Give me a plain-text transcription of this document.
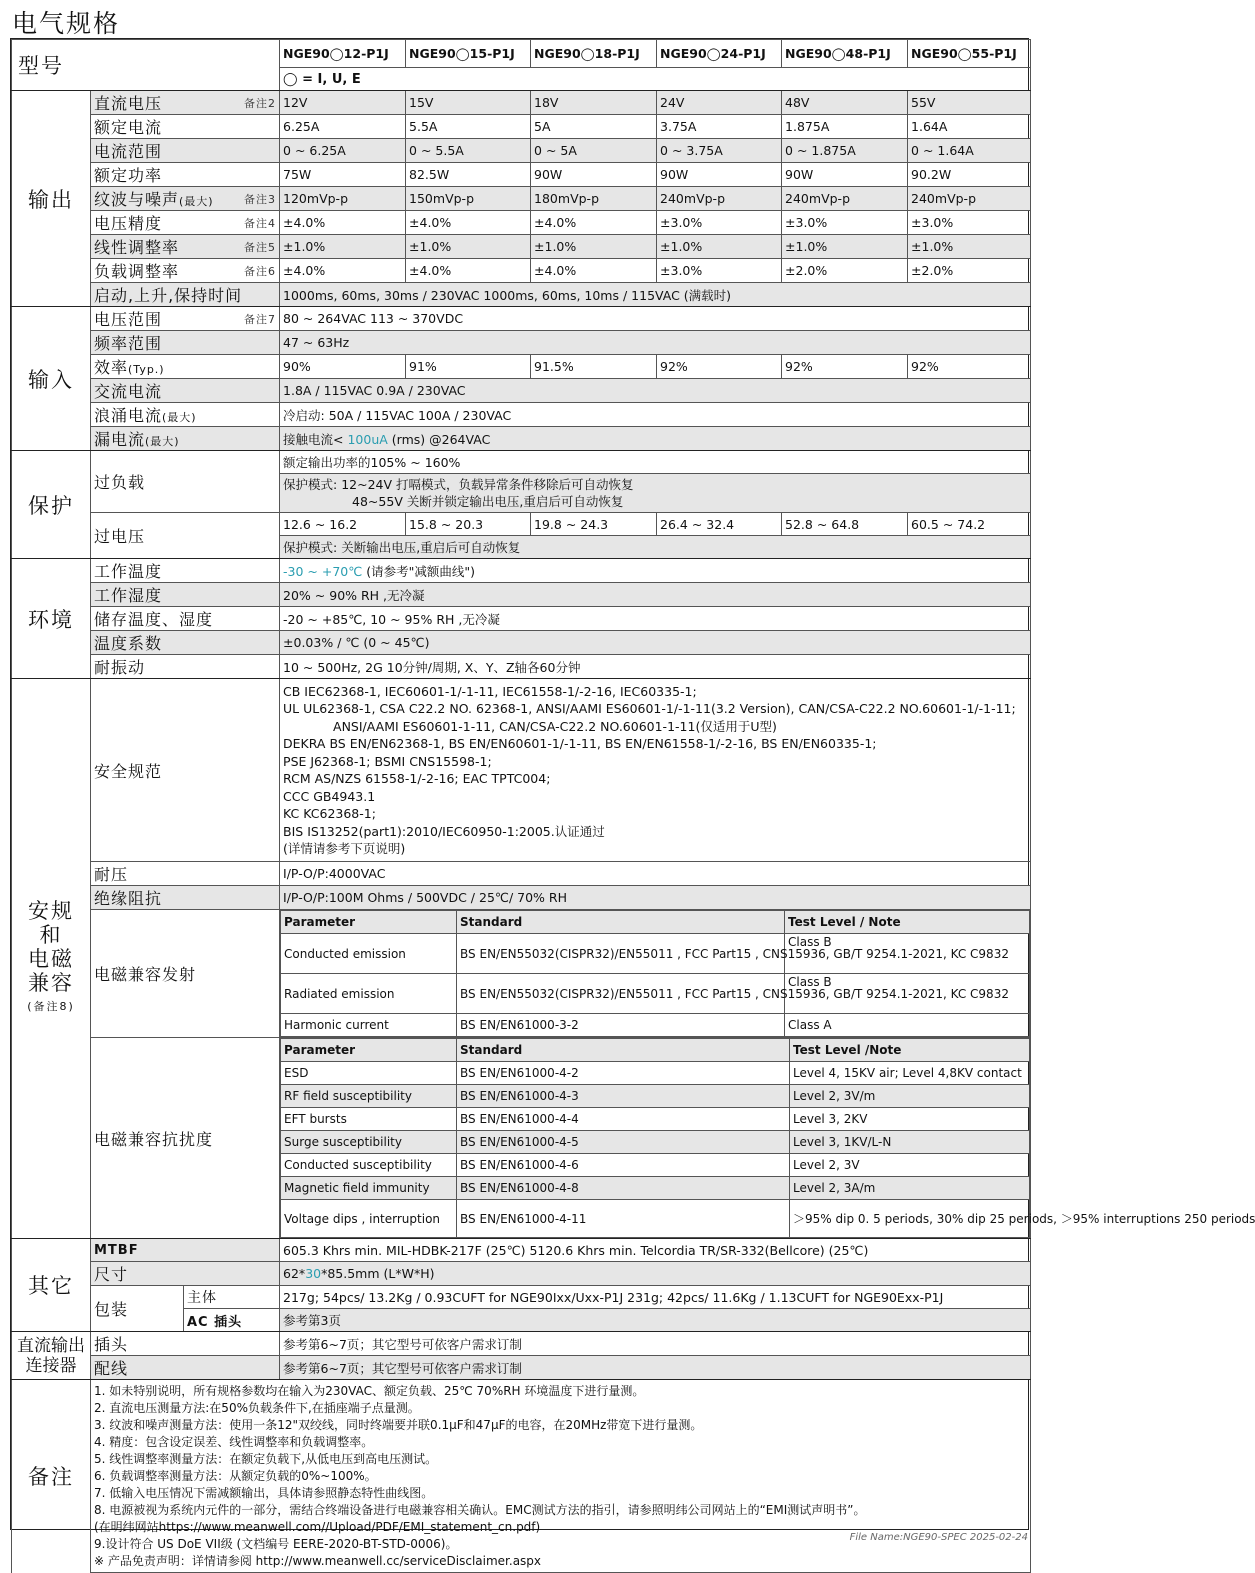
电气规格
型号	NGE90◯12-P1J	NGE90◯15-P1J	NGE90◯18-P1J	NGE90◯24-P1J	NGE90◯48-P1J	NGE90◯55-P1J
◯ = I, U, E
输出	直流电压	备注2	12V	15V	18V	24V	48V	55V
额定电流	6.25A	5.5A	5A	3.75A	1.875A	1.64A
电流范围	0 ~ 6.25A	0 ~ 5.5A	0 ~ 5A	0 ~ 3.75A	0 ~ 1.875A	0 ~ 1.64A
额定功率	75W	82.5W	90W	90W	90W	90.2W
纹波与噪声(最大)	备注3	120mVp-p	150mVp-p	180mVp-p	240mVp-p	240mVp-p	240mVp-p
电压精度	备注4	±4.0%	±4.0%	±4.0%	±3.0%	±3.0%	±3.0%
线性调整率	备注5	±1.0%	±1.0%	±1.0%	±1.0%	±1.0%	±1.0%
负载调整率	备注6	±4.0%	±4.0%	±4.0%	±3.0%	±2.0%	±2.0%
启动,上升,保持时间	1000ms, 60ms, 30ms / 230VAC 1000ms, 60ms, 10ms / 115VAC (满载时)
输入	电压范围	备注7	80 ~ 264VAC 113 ~ 370VDC
频率范围	47 ~ 63Hz
效率(Typ.)	90%	91%	91.5%	92%	92%	92%
交流电流	1.8A / 115VAC 0.9A / 230VAC
浪涌电流(最大)	冷启动: 50A / 115VAC 100A / 230VAC
漏电流(最大)	接触电流< 100uA (rms) @264VAC
保护	过负载	额定输出功率的105% ~ 160%

保护模式: 12~24V 打嗝模式，负载异常条件移除后可自动恢复
48~55V 关断并锁定输出电压,重启后可自动恢复

过电压	12.6 ~ 16.2	15.8 ~ 20.3	19.8 ~ 24.3	26.4 ~ 32.4	52.8 ~ 64.8	60.5 ~ 74.2
保护模式: 关断输出电压,重启后可自动恢复
环境	工作温度	-30 ~ +70℃ (请参考"减额曲线")
工作湿度	20% ~ 90% RH ,无冷凝
储存温度、湿度	-20 ~ +85℃, 10 ~ 95% RH ,无冷凝
温度系数	±0.03% / ℃ (0 ~ 45℃)
耐振动	10 ~ 500Hz, 2G 10分钟/周期, X、Y、Z轴各60分钟

安规
和
电磁
兼容
(备注8)
	安全规范	
CB IEC62368-1, IEC60601-1/-1-11, IEC61558-1/-2-16, IEC60335-1;
UL UL62368-1, CSA C22.2 NO. 62368-1, ANSI/AAMI ES60601-1/-1-11(3.2 Version), CAN/CSA-C22.2 NO.60601-1/-1-11;
ANSI/AAMI ES60601-1-11, CAN/CSA-C22.2 NO.60601-1-11(仅适用于U型)
DEKRA BS EN/EN62368-1, BS EN/EN60601-1/-1-11, BS EN/EN61558-1/-2-16, BS EN/EN60335-1;
PSE J62368-1; BSMI CNS15598-1;
RCM AS/NZS 61558-1/-2-16; EAC TPTC004;
CCC GB4943.1
KC KC62368-1;
BIS IS13252(part1):2010/IEC60950-1:2005.认证通过
(详情请参考下页说明)

耐压	I/P-O/P:4000VAC
绝缘阻抗	I/P-O/P:100M Ohms / 500VDC / 25℃/ 70% RH
电磁兼容发射	
Parameter	Standard	Test Level / Note
Conducted emission	BS EN/EN55032(CISPR32)/EN55011 , FCC Part15 , CNS15936, GB/T 9254.1-2021, KC C9832	Class B
Radiated emission	BS EN/EN55032(CISPR32)/EN55011 , FCC Part15 , CNS15936, GB/T 9254.1-2021, KC C9832	Class B
Harmonic current	BS EN/EN61000-3-2	Class A

电磁兼容抗扰度	
Parameter	Standard	Test Level /Note
ESD	BS EN/EN61000-4-2	Level 4, 15KV air; Level 4,8KV contact
RF field susceptibility	BS EN/EN61000-4-3	Level 2, 3V/m
EFT bursts	BS EN/EN61000-4-4	Level 3, 2KV
Surge susceptibility	BS EN/EN61000-4-5	Level 3, 1KV/L-N
Conducted susceptibility	BS EN/EN61000-4-6	Level 2, 3V
Magnetic field immunity	BS EN/EN61000-4-8	Level 2, 3A/m
Voltage dips , interruption	BS EN/EN61000-4-11	＞95% dip 0. 5 periods, 30% dip 25 periods, ＞95% interruptions 250 periods

其它	MTBF	605.3 Khrs min. MIL-HDBK-217F (25℃) 5120.6 Khrs min. Telcordia TR/SR-332(Bellcore) (25℃)
尺寸	62*30*85.5mm (L*W*H)
包装	主体	217g; 54pcs/ 13.2Kg / 0.93CUFT for NGE90Ixx/Uxx-P1J 231g; 42pcs/ 11.6Kg / 1.13CUFT for NGE90Exx-P1J
AC 插头	参考第3页
直流输出连接器	插头	参考第6~7页；其它型号可依客户需求订制
配线	参考第6~7页；其它型号可依客户需求订制
备注	
1. 如未特别说明，所有规格参数均在输入为230VAC、额定负载、25℃ 70%RH 环境温度下进行量测。
2. 直流电压测量方法:在50%负载条件下,在插座端子点量测。
3. 纹波和噪声测量方法：使用一条12"双绞线，同时终端要并联0.1μF和47μF的电容，在20MHz带宽下进行量测。
4. 精度：包含设定误差、线性调整率和负载调整率。
5. 线性调整率测量方法：在额定负载下,从低电压到高电压测试。
6. 负载调整率测量方法：从额定负载的0%~100%。
7. 低输入电压情况下需减额输出，具体请参照静态特性曲线图。
8. 电源被视为系统内元件的一部分，需结合终端设备进行电磁兼容相关确认。EMC测试方法的指引，请参照明纬公司网站上的“EMI测试声明书”。
(在明纬网站https://www.meanwell.com//Upload/PDF/EMI_statement_cn.pdf)
9.设计符合 US DoE VII级 (文档编号 EERE-2020-BT-STD-0006)。
※ 产品免责声明：详情请参阅 http://www.meanwell.cc/serviceDisclaimer.aspx
File Name:NGE90-SPEC 2025-02-24
